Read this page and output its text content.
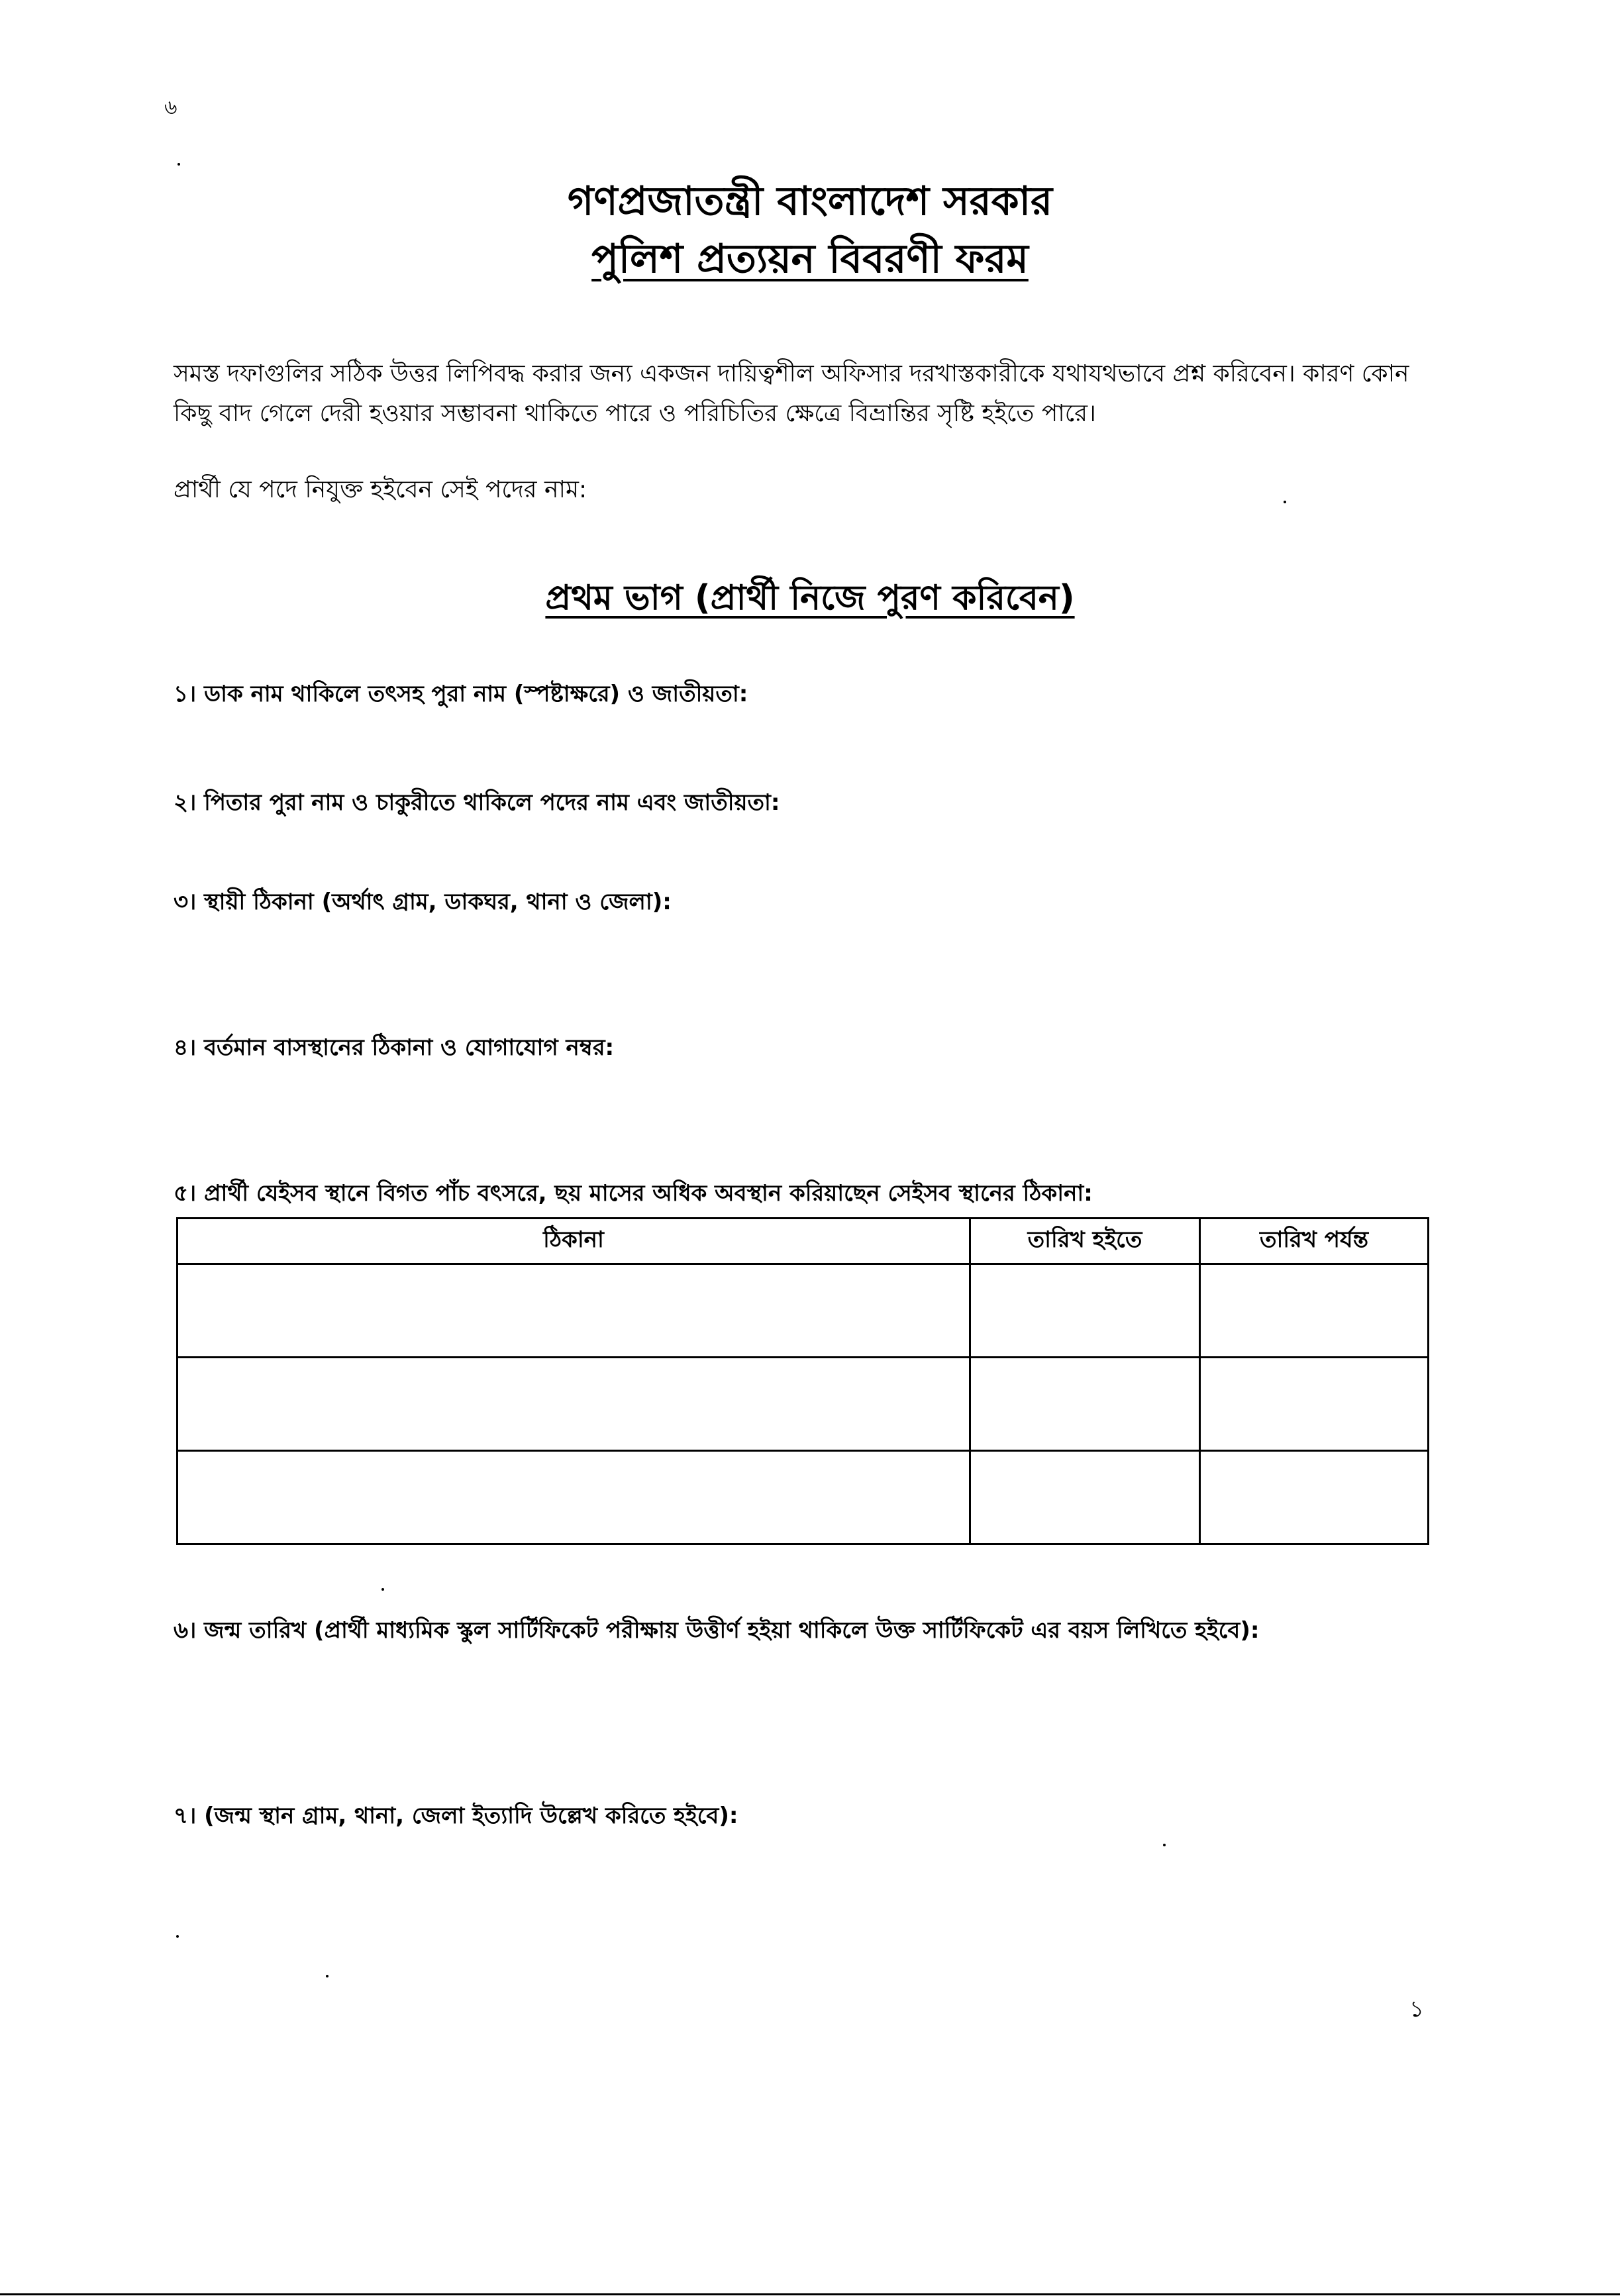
৬
গণপ্রজাতন্ত্রী বাংলাদেশ সরকার
পুলিশ প্রত্যয়ন বিবরণী ফরম
সমস্ত দফাগুলির সঠিক উত্তর লিপিবদ্ধ করার জন্য একজন দায়িত্বশীল অফিসার দরখাস্তকারীকে যথাযথভাবে প্রশ্ন করিবেন। কারণ কোন কিছু বাদ গেলে দেরী হওয়ার সম্ভাবনা থাকিতে পারে ও পরিচিতির ক্ষেত্রে বিভ্রান্তির সৃষ্টি হইতে পারে।
প্রার্থী যে পদে নিযুক্ত হইবেন সেই পদের নাম:
প্রথম ভাগ (প্রার্থী নিজে পুরণ করিবেন)
১। ডাক নাম থাকিলে তৎসহ পুরা নাম (স্পষ্টাক্ষরে) ও জাতীয়তা:
২। পিতার পুরা নাম ও চাকুরীতে থাকিলে পদের নাম এবং জাতীয়তা:
৩। স্থায়ী ঠিকানা (অর্থাৎ গ্রাম, ডাকঘর, থানা ও জেলা):
৪। বর্তমান বাসস্থানের ঠিকানা ও যোগাযোগ নম্বর:
৫। প্রার্থী যেইসব স্থানে বিগত পাঁচ বৎসরে, ছয় মাসের অধিক অবস্থান করিয়াছেন সেইসব স্থানের ঠিকানা:
ঠিকানা	তারিখ হইতে	তারিখ পর্যন্ত

৬। জন্ম তারিখ (প্রার্থী মাধ্যমিক স্কুল সার্টিফিকেট পরীক্ষায় উত্তীর্ণ হইয়া থাকিলে উক্ত সার্টিফিকেট এর বয়স লিখিতে হইবে):
৭। (জন্ম স্থান গ্রাম, থানা, জেলা ইত্যাদি উল্লেখ করিতে হইবে):
১
